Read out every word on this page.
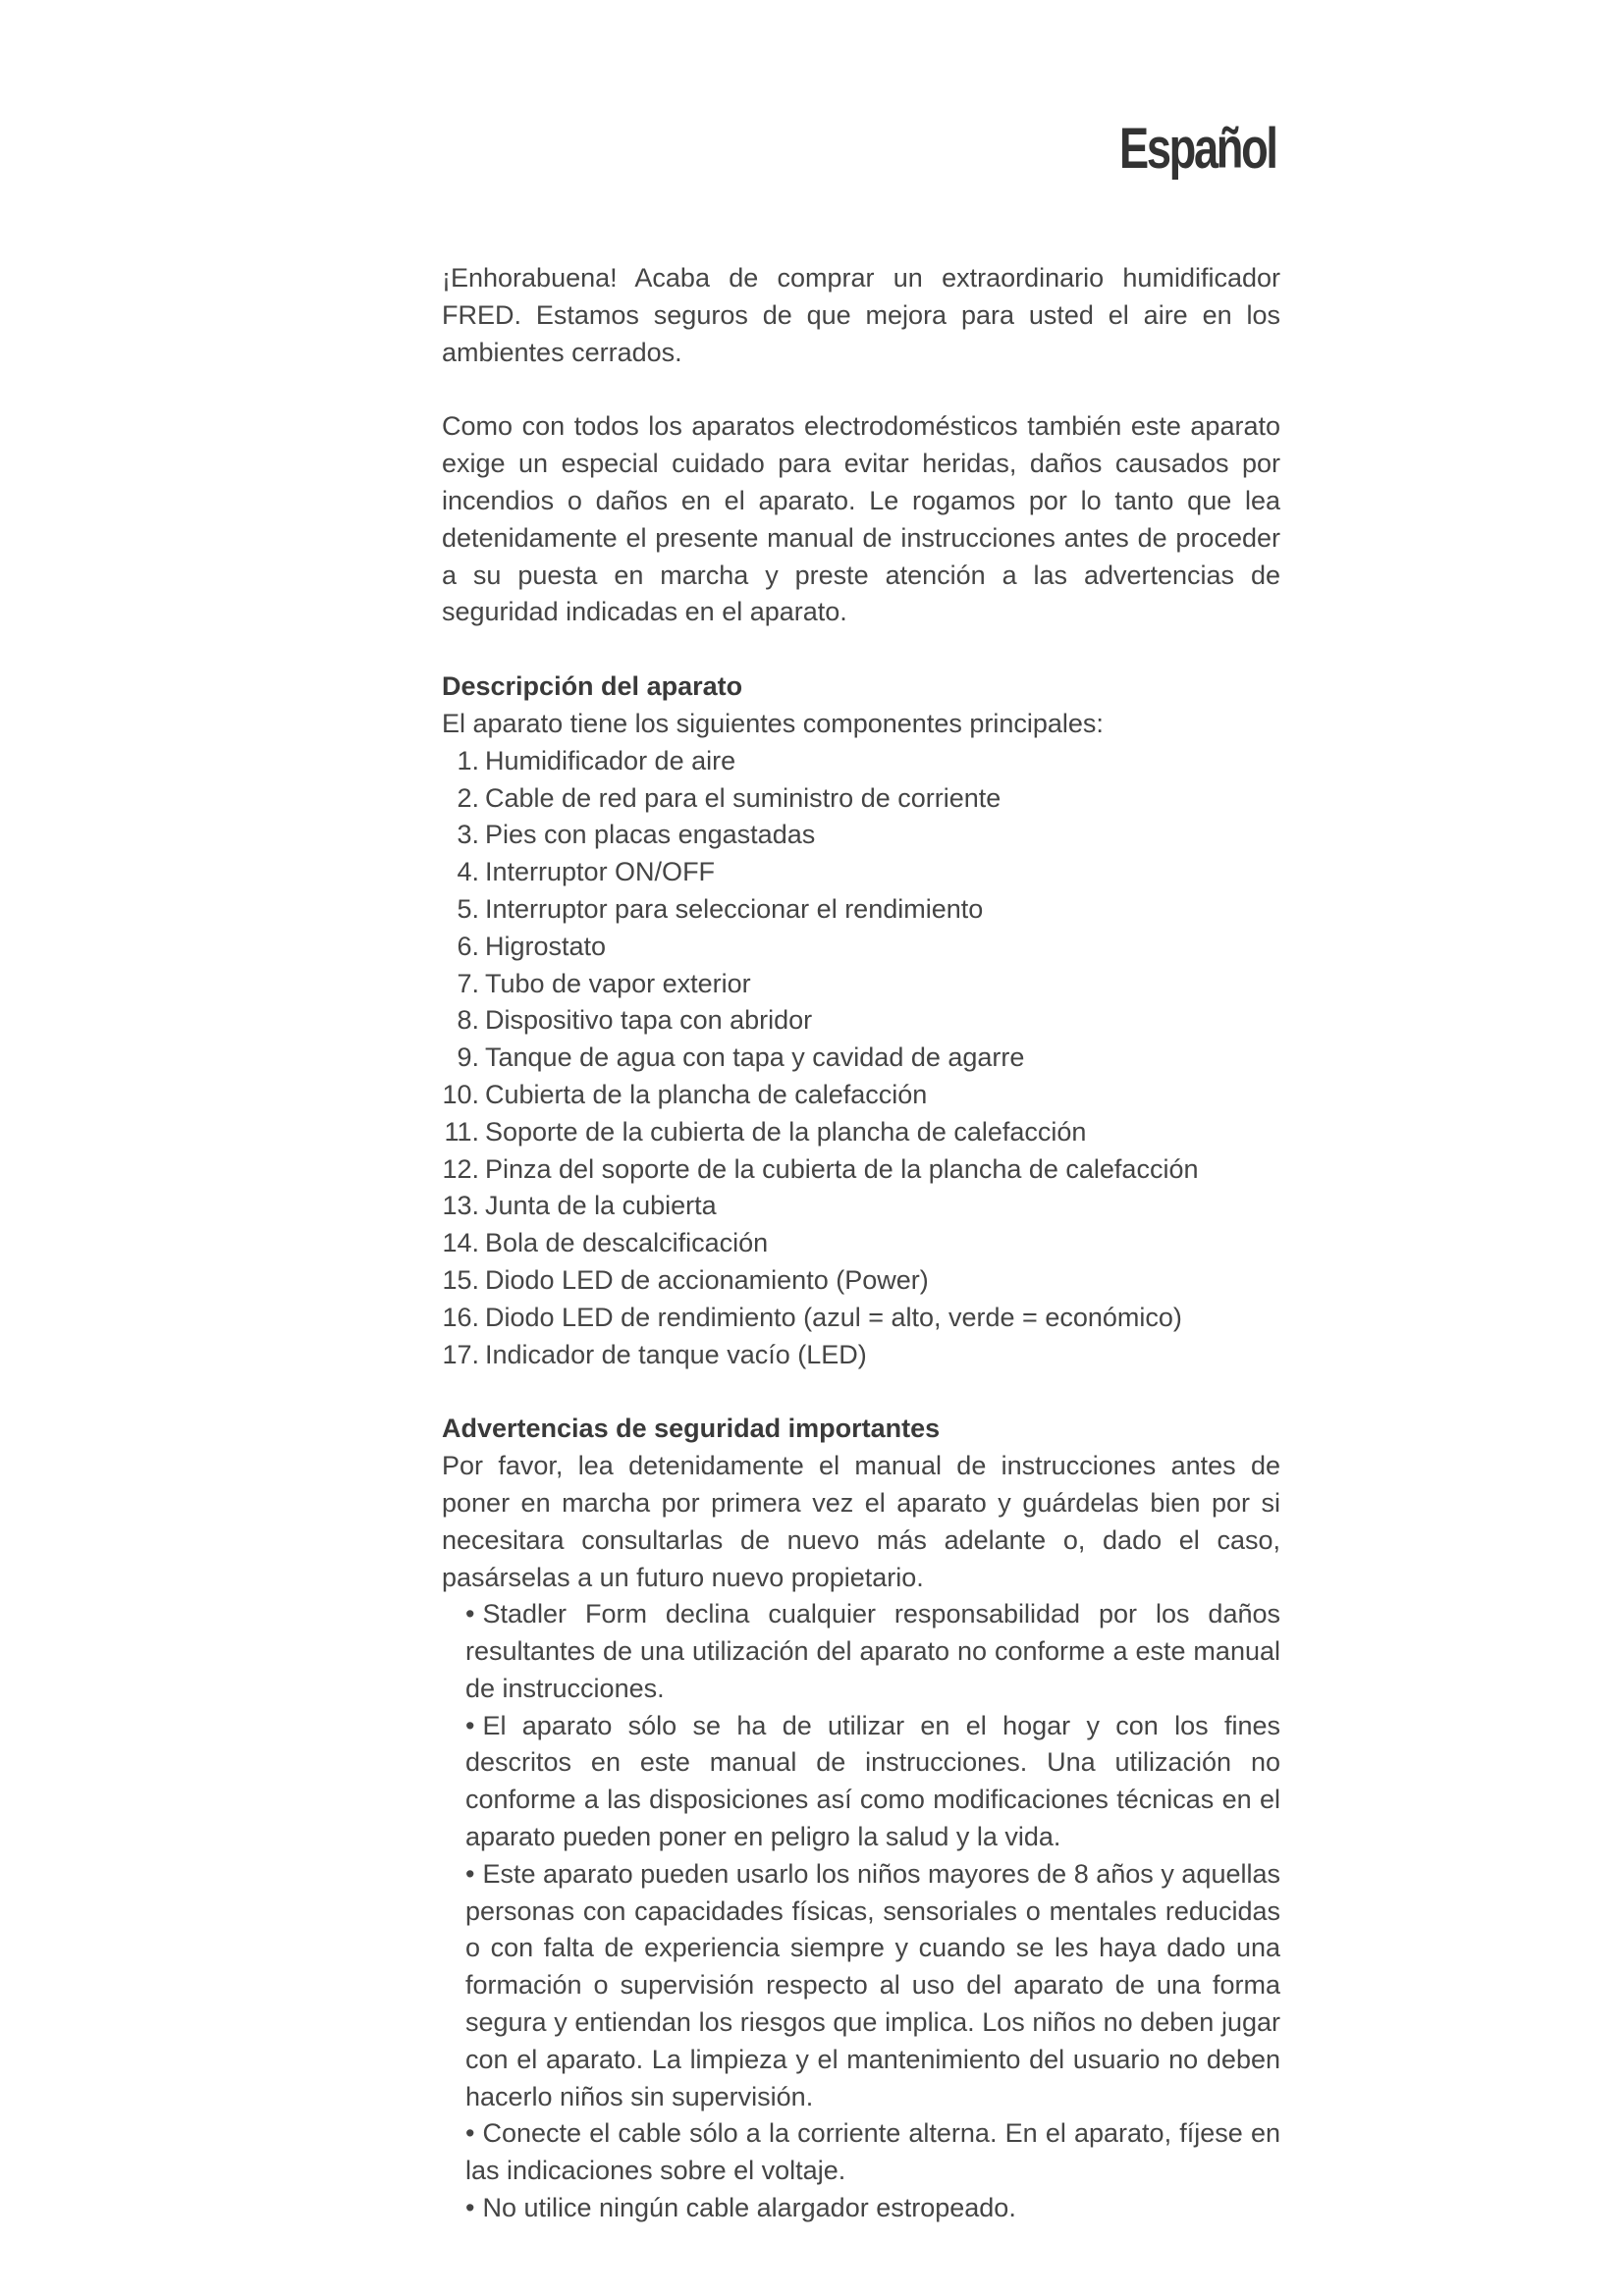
Español

¡Enhorabuena! Acaba de comprar un extraordinario humidificador FRED. Estamos seguros de que mejora para usted el aire en los ambientes cerrados.

Como con todos los aparatos electrodomésticos también este aparato exige un especial cuidado para evitar heridas, daños causados por incendios o daños en el aparato. Le rogamos por lo tanto que lea detenidamente el presente manual de instrucciones antes de proceder a su puesta en marcha y preste atención a las advertencias de seguridad indicadas en el aparato.

Descripción del aparato

El aparato tiene los siguientes componentes principales:

1. Humidificador de aire
2. Cable de red para el suministro de corriente
3. Pies con placas engastadas
4. Interruptor ON/OFF
5. Interruptor para seleccionar el rendimiento
6. Higrostato
7. Tubo de vapor exterior
8. Dispositivo tapa con abridor
9. Tanque de agua con tapa y cavidad de agarre
10. Cubierta de la plancha de calefacción
11. Soporte de la cubierta de la plancha de calefacción
12. Pinza del soporte de la cubierta de la plancha de calefacción
13. Junta de la cubierta
14. Bola de descalcificación
15. Diodo LED de accionamiento (Power)
16. Diodo LED de rendimiento (azul = alto, verde = económico)
17. Indicador de tanque vacío (LED)

Advertencias de seguridad importantes

Por favor, lea detenidamente el manual de instrucciones antes de poner en marcha por primera vez el aparato y guárdelas bien por si necesitara consultarlas de nuevo más adelante o, dado el caso, pasárselas a un futuro nuevo propietario.

• Stadler Form declina cualquier responsabilidad por los daños resultantes de una utilización del aparato no conforme a este manual de instrucciones.
• El aparato sólo se ha de utilizar en el hogar y con los fines descritos en este manual de instrucciones. Una utilización no conforme a las disposiciones así como modificaciones técnicas en el aparato pueden poner en peligro la salud y la vida.
• Este aparato pueden usarlo los niños mayores de 8 años y aquellas personas con capacidades físicas, sensoriales o mentales reducidas o con falta de experiencia siempre y cuando se les haya dado una formación o supervisión respecto al uso del aparato de una forma segura y entiendan los riesgos que implica. Los niños no deben jugar con el aparato. La limpieza y el mantenimiento del usuario no deben hacerlo niños sin supervisión.
• Conecte el cable sólo a la corriente alterna. En el aparato, fíjese en las indicaciones sobre el voltaje.
• No utilice ningún cable alargador estropeado.
